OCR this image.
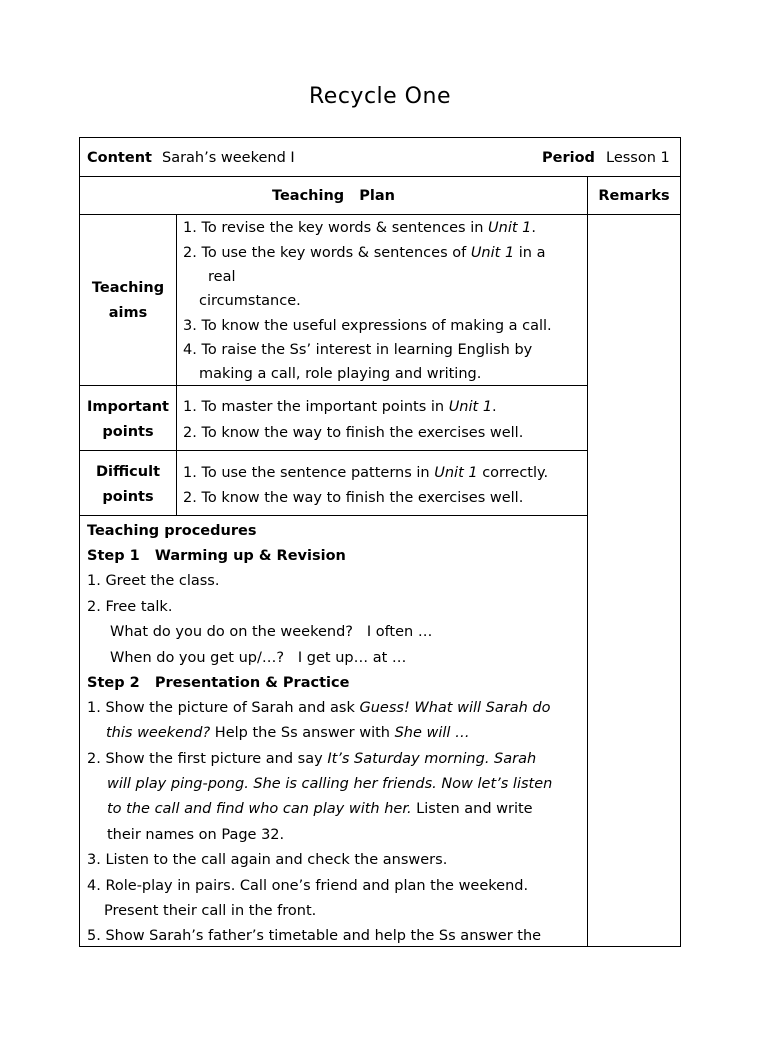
Recycle One
Content Sarah’s weekend Ⅰ	Period Lesson 1
Teaching   Plan	Remarks
Teaching
aims
1. To revise the key words & sentences in Unit 1.
2. To use the key words & sentences of Unit 1 in a
real
circumstance.
3. To know the useful expressions of making a call.
4. To raise the Ss’ interest in learning English by
making a call, role playing and writing.
Important
points
1. To master the important points in Unit 1.
2. To know the way to finish the exercises well.
Difficult
points
1. To use the sentence patterns in Unit 1 correctly.
2. To know the way to finish the exercises well.
Teaching procedures
Step 1   Warming up & Revision
1. Greet the class.
2. Free talk.
What do you do on the weekend?   I often …
When do you get up/…?   I get up… at …
Step 2   Presentation & Practice
1. Show the picture of Sarah and ask Guess! What will Sarah do
this weekend? Help the Ss answer with She will …
2. Show the first picture and say It’s Saturday morning. Sarah
will play ping-pong. She is calling her friends. Now let’s listen
to the call and find who can play with her. Listen and write
their names on Page 32.
3. Listen to the call again and check the answers.
4. Role-play in pairs. Call one’s friend and plan the weekend.
Present their call in the front.
5. Show Sarah’s father’s timetable and help the Ss answer the
